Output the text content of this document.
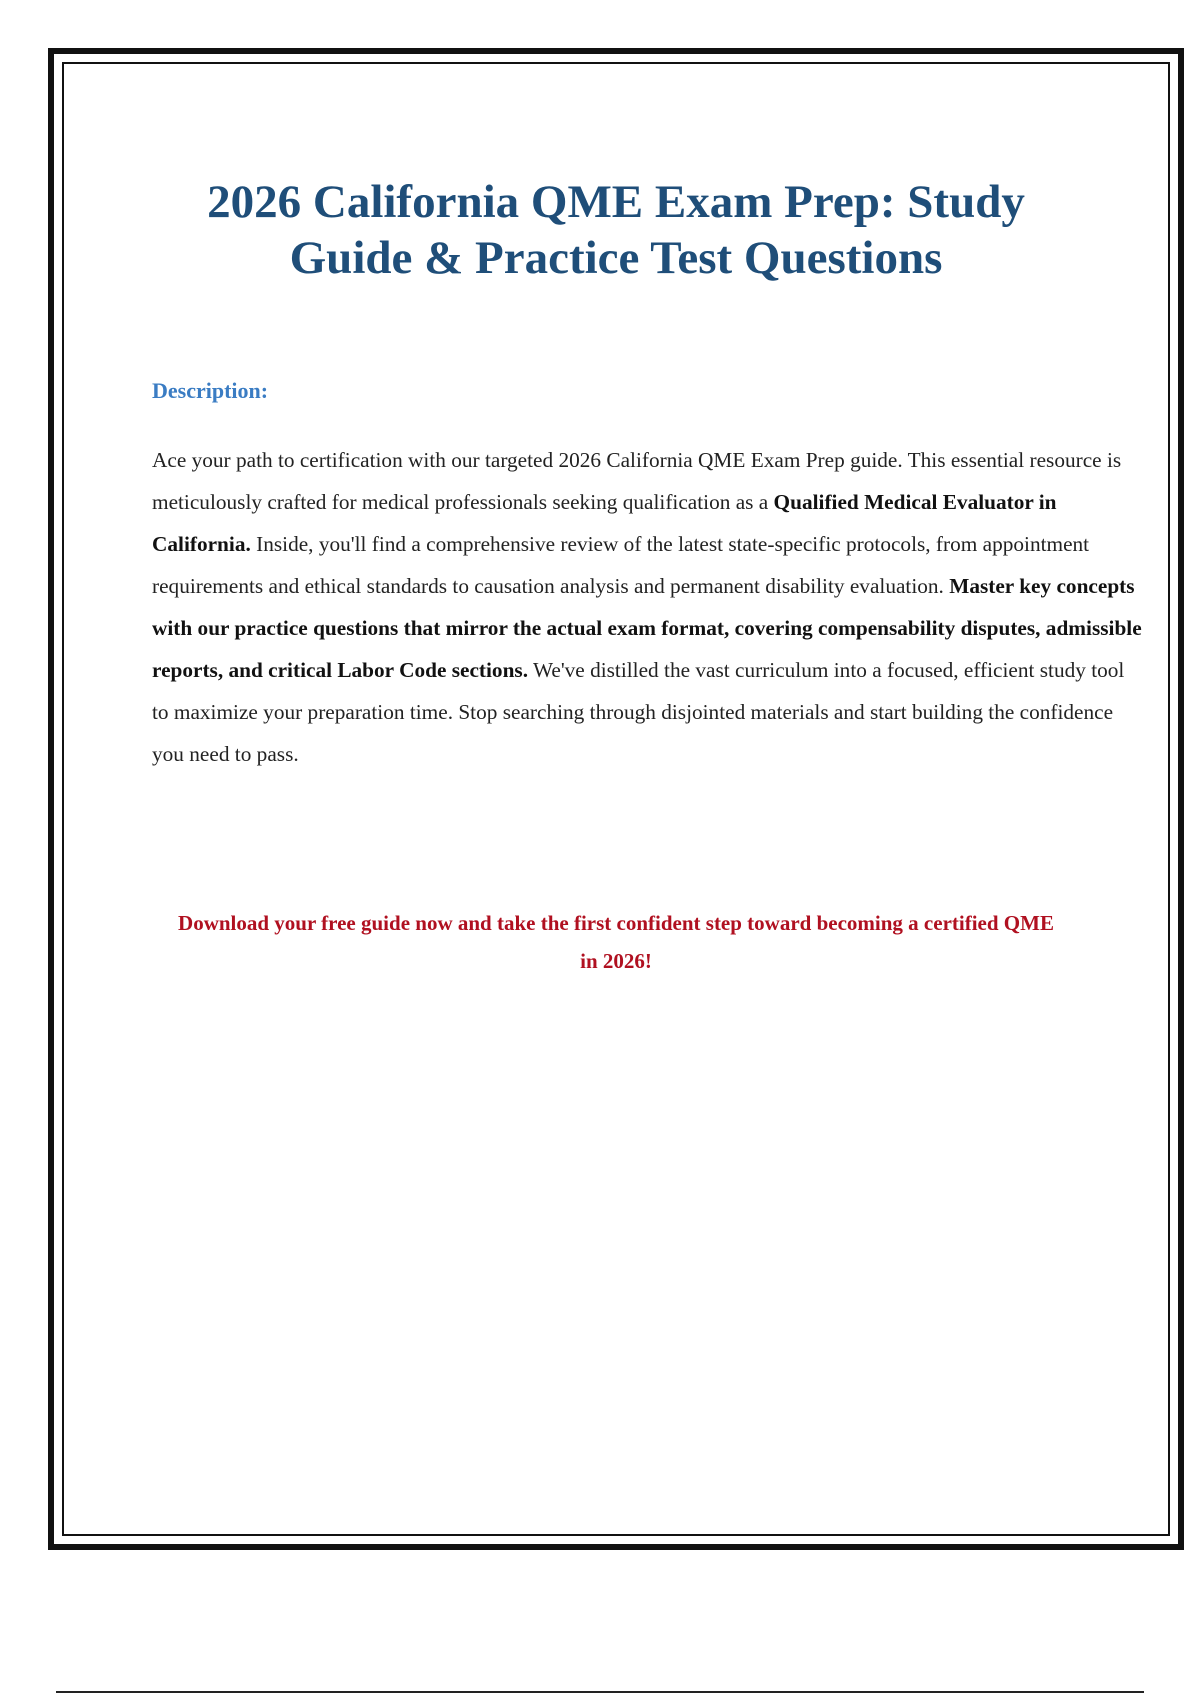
2026 California QME Exam Prep: Study
Guide & Practice Test Questions
Description:

Ace your path to certification with our targeted 2026 California QME Exam Prep guide. This essential resource is meticulously crafted for medical professionals seeking qualification as a Qualified Medical Evaluator in California. Inside, you'll find a comprehensive review of the latest state-specific protocols, from appointment requirements and ethical standards to causation analysis and permanent disability evaluation. Master key concepts with our practice questions that mirror the actual exam format, covering compensability disputes, admissible reports, and critical Labor Code sections. We've distilled the vast curriculum into a focused, efficient study tool to maximize your preparation time. Stop searching through disjointed materials and start building the confidence you need to pass.

Download your free guide now and take the first confident step toward becoming a certified QME
in 2026!
